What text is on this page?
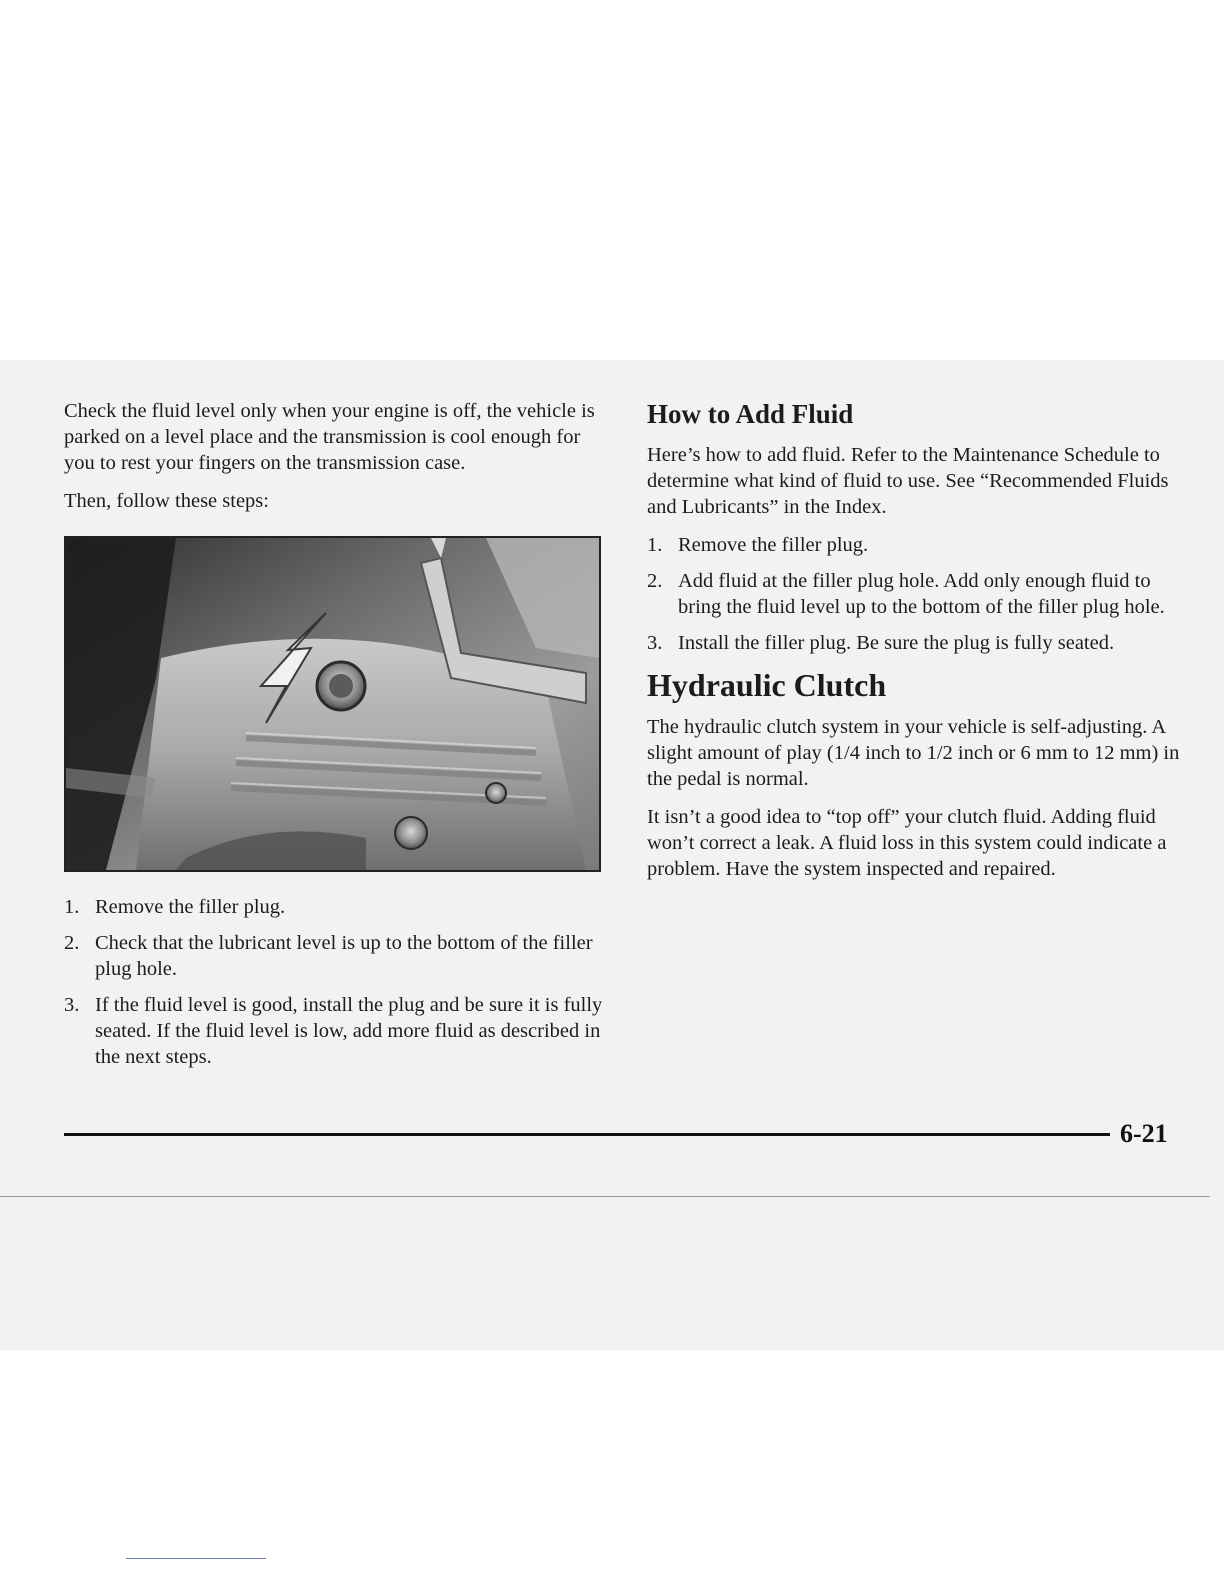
Check the fluid level only when your engine is off, the vehicle is parked on a level place and the transmission is cool enough for you to rest your fingers on the transmission case.

Then, follow these steps:

1. Remove the filler plug.
2. Check that the lubricant level is up to the bottom of the filler plug hole.
3. If the fluid level is good, install the plug and be sure it is fully seated. If the fluid level is low, add more fluid as described in the next steps.
How to Add Fluid

Here’s how to add fluid. Refer to the Maintenance Schedule to determine what kind of fluid to use. See “Recommended Fluids and Lubricants” in the Index.

1. Remove the filler plug.
2. Add fluid at the filler plug hole. Add only enough fluid to bring the fluid level up to the bottom of the filler plug hole.
3. Install the filler plug. Be sure the plug is fully seated.
Hydraulic Clutch

The hydraulic clutch system in your vehicle is self-adjusting. A slight amount of play (1/4 inch to 1/2 inch or 6 mm to 12 mm) in the pedal is normal.

It isn’t a good idea to “top off” your clutch fluid. Adding fluid won’t correct a leak. A fluid loss in this system could indicate a problem. Have the system inspected and repaired.

6-21
